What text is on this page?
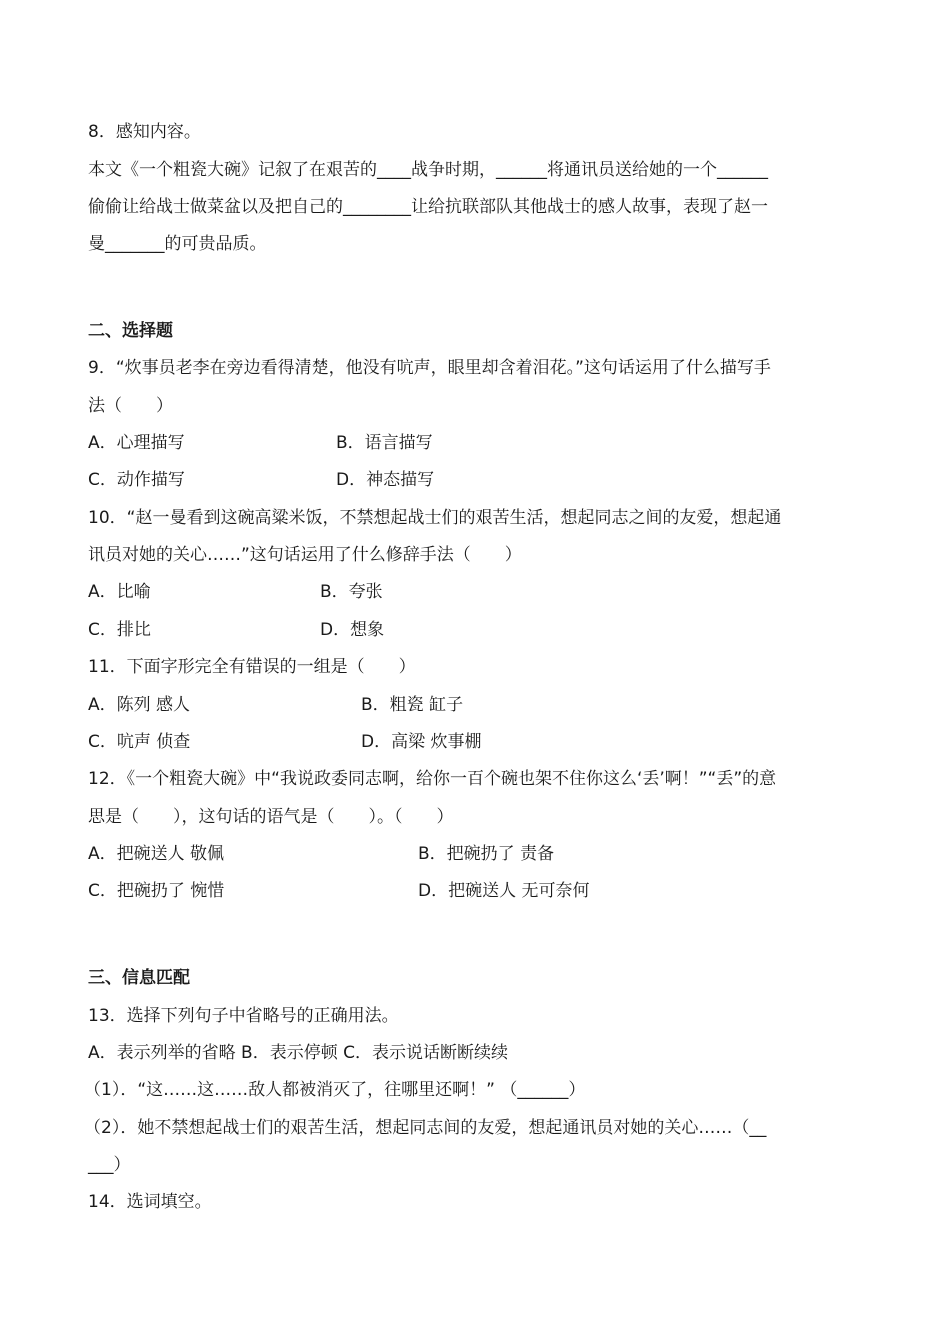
8．感知内容。
本文《一个粗瓷大碗》记叙了在艰苦的____战争时期，______将通讯员送给她的一个______
偷偷让给战士做菜盆以及把自己的________让给抗联部队其他战士的感人故事，表现了赵一
曼_______的可贵品质。
二、选择题
9．“炊事员老李在旁边看得清楚，他没有吭声，眼里却含着泪花。”这句话运用了什么描写手
法（　　）
A．心理描写	B．语言描写
C．动作描写	D．神态描写
10．“赵一曼看到这碗高粱米饭，不禁想起战士们的艰苦生活，想起同志之间的友爱，想起通
讯员对她的关心……”这句话运用了什么修辞手法（　　）
A．比喻	B．夸张
C．排比	D．想象
11．下面字形完全有错误的一组是（　　）
A．陈列 感人	B．粗瓷 缸子
C．吭声 侦查	D．高梁 炊事棚
12．《一个粗瓷大碗》中“我说政委同志啊，给你一百个碗也架不住你这么‘丢’啊！”“丢”的意
思是（　　），这句话的语气是（　　）。（　　）
A．把碗送人 敬佩	B．把碗扔了 责备
C．把碗扔了 惋惜	D．把碗送人 无可奈何
三、信息匹配
13．选择下列句子中省略号的正确用法。
A．表示列举的省略 B．表示停顿 C．表示说话断断续续
（1）．“这……这……敌人都被消灭了，往哪里还啊！” （______）
（2）．她不禁想起战士们的艰苦生活，想起同志间的友爱，想起通讯员对她的关心……（__
___）
14．选词填空。
